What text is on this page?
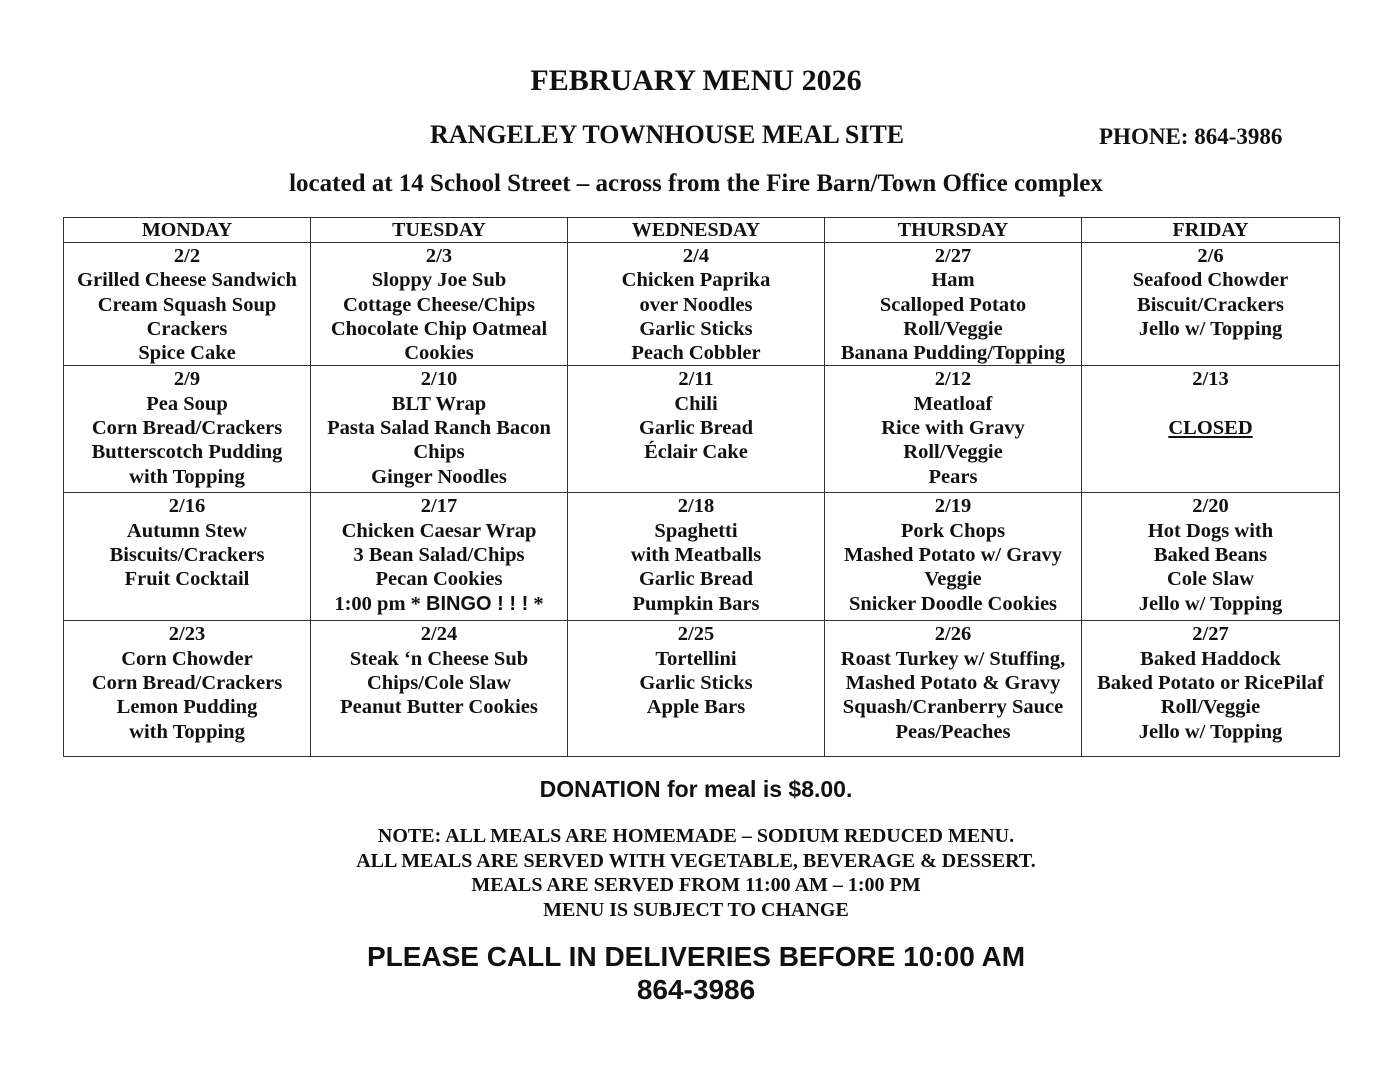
FEBRUARY MENU 2026
RANGELEY TOWNHOUSE MEAL SITE	PHONE: 864-3986
located at 14 School Street – across from the Fire Barn/Town Office complex
MONDAY	TUESDAY	WEDNESDAY	THURSDAY	FRIDAY

2/2
Grilled Cheese Sandwich
Cream Squash Soup
Crackers
Spice Cake	2/3
Sloppy Joe Sub
Cottage Cheese/Chips
Chocolate Chip Oatmeal
Cookies	2/4
Chicken Paprika
over Noodles
Garlic Sticks
Peach Cobbler	2/27
Ham
Scalloped Potato
Roll/Veggie
Banana Pudding/Topping	2/6
Seafood Chowder
Biscuit/Crackers
Jello w/ Topping

2/9
Pea Soup
Corn Bread/Crackers
Butterscotch Pudding
with Topping	2/10
BLT Wrap
Pasta Salad Ranch Bacon
Chips
Ginger Noodles	2/11
Chili
Garlic Bread
Éclair Cake	2/12
Meatloaf
Rice with Gravy
Roll/Veggie
Pears	2/13

CLOSED

2/16
Autumn Stew
Biscuits/Crackers
Fruit Cocktail	2/17
Chicken Caesar Wrap
3 Bean Salad/Chips
Pecan Cookies
1:00 pm * BINGO ! ! ! *	2/18
Spaghetti
with Meatballs
Garlic Bread
Pumpkin Bars	2/19
Pork Chops
Mashed Potato w/ Gravy
Veggie
Snicker Doodle Cookies	2/20
Hot Dogs with
Baked Beans
Cole Slaw
Jello w/ Topping

2/23
Corn Chowder
Corn Bread/Crackers
Lemon Pudding
with Topping	2/24
Steak ‘n Cheese Sub
Chips/Cole Slaw
Peanut Butter Cookies	2/25
Tortellini
Garlic Sticks
Apple Bars	2/26
Roast Turkey w/ Stuffing,
Mashed Potato & Gravy
Squash/Cranberry Sauce
Peas/Peaches	2/27
Baked Haddock
Baked Potato or RicePilaf
Roll/Veggie
Jello w/ Topping
DONATION for meal is $8.00.
NOTE: ALL MEALS ARE HOMEMADE – SODIUM REDUCED MENU.
ALL MEALS ARE SERVED WITH VEGETABLE, BEVERAGE & DESSERT.
MEALS ARE SERVED FROM 11:00 AM – 1:00 PM
MENU IS SUBJECT TO CHANGE
PLEASE CALL IN DELIVERIES BEFORE 10:00 AM
864-3986
